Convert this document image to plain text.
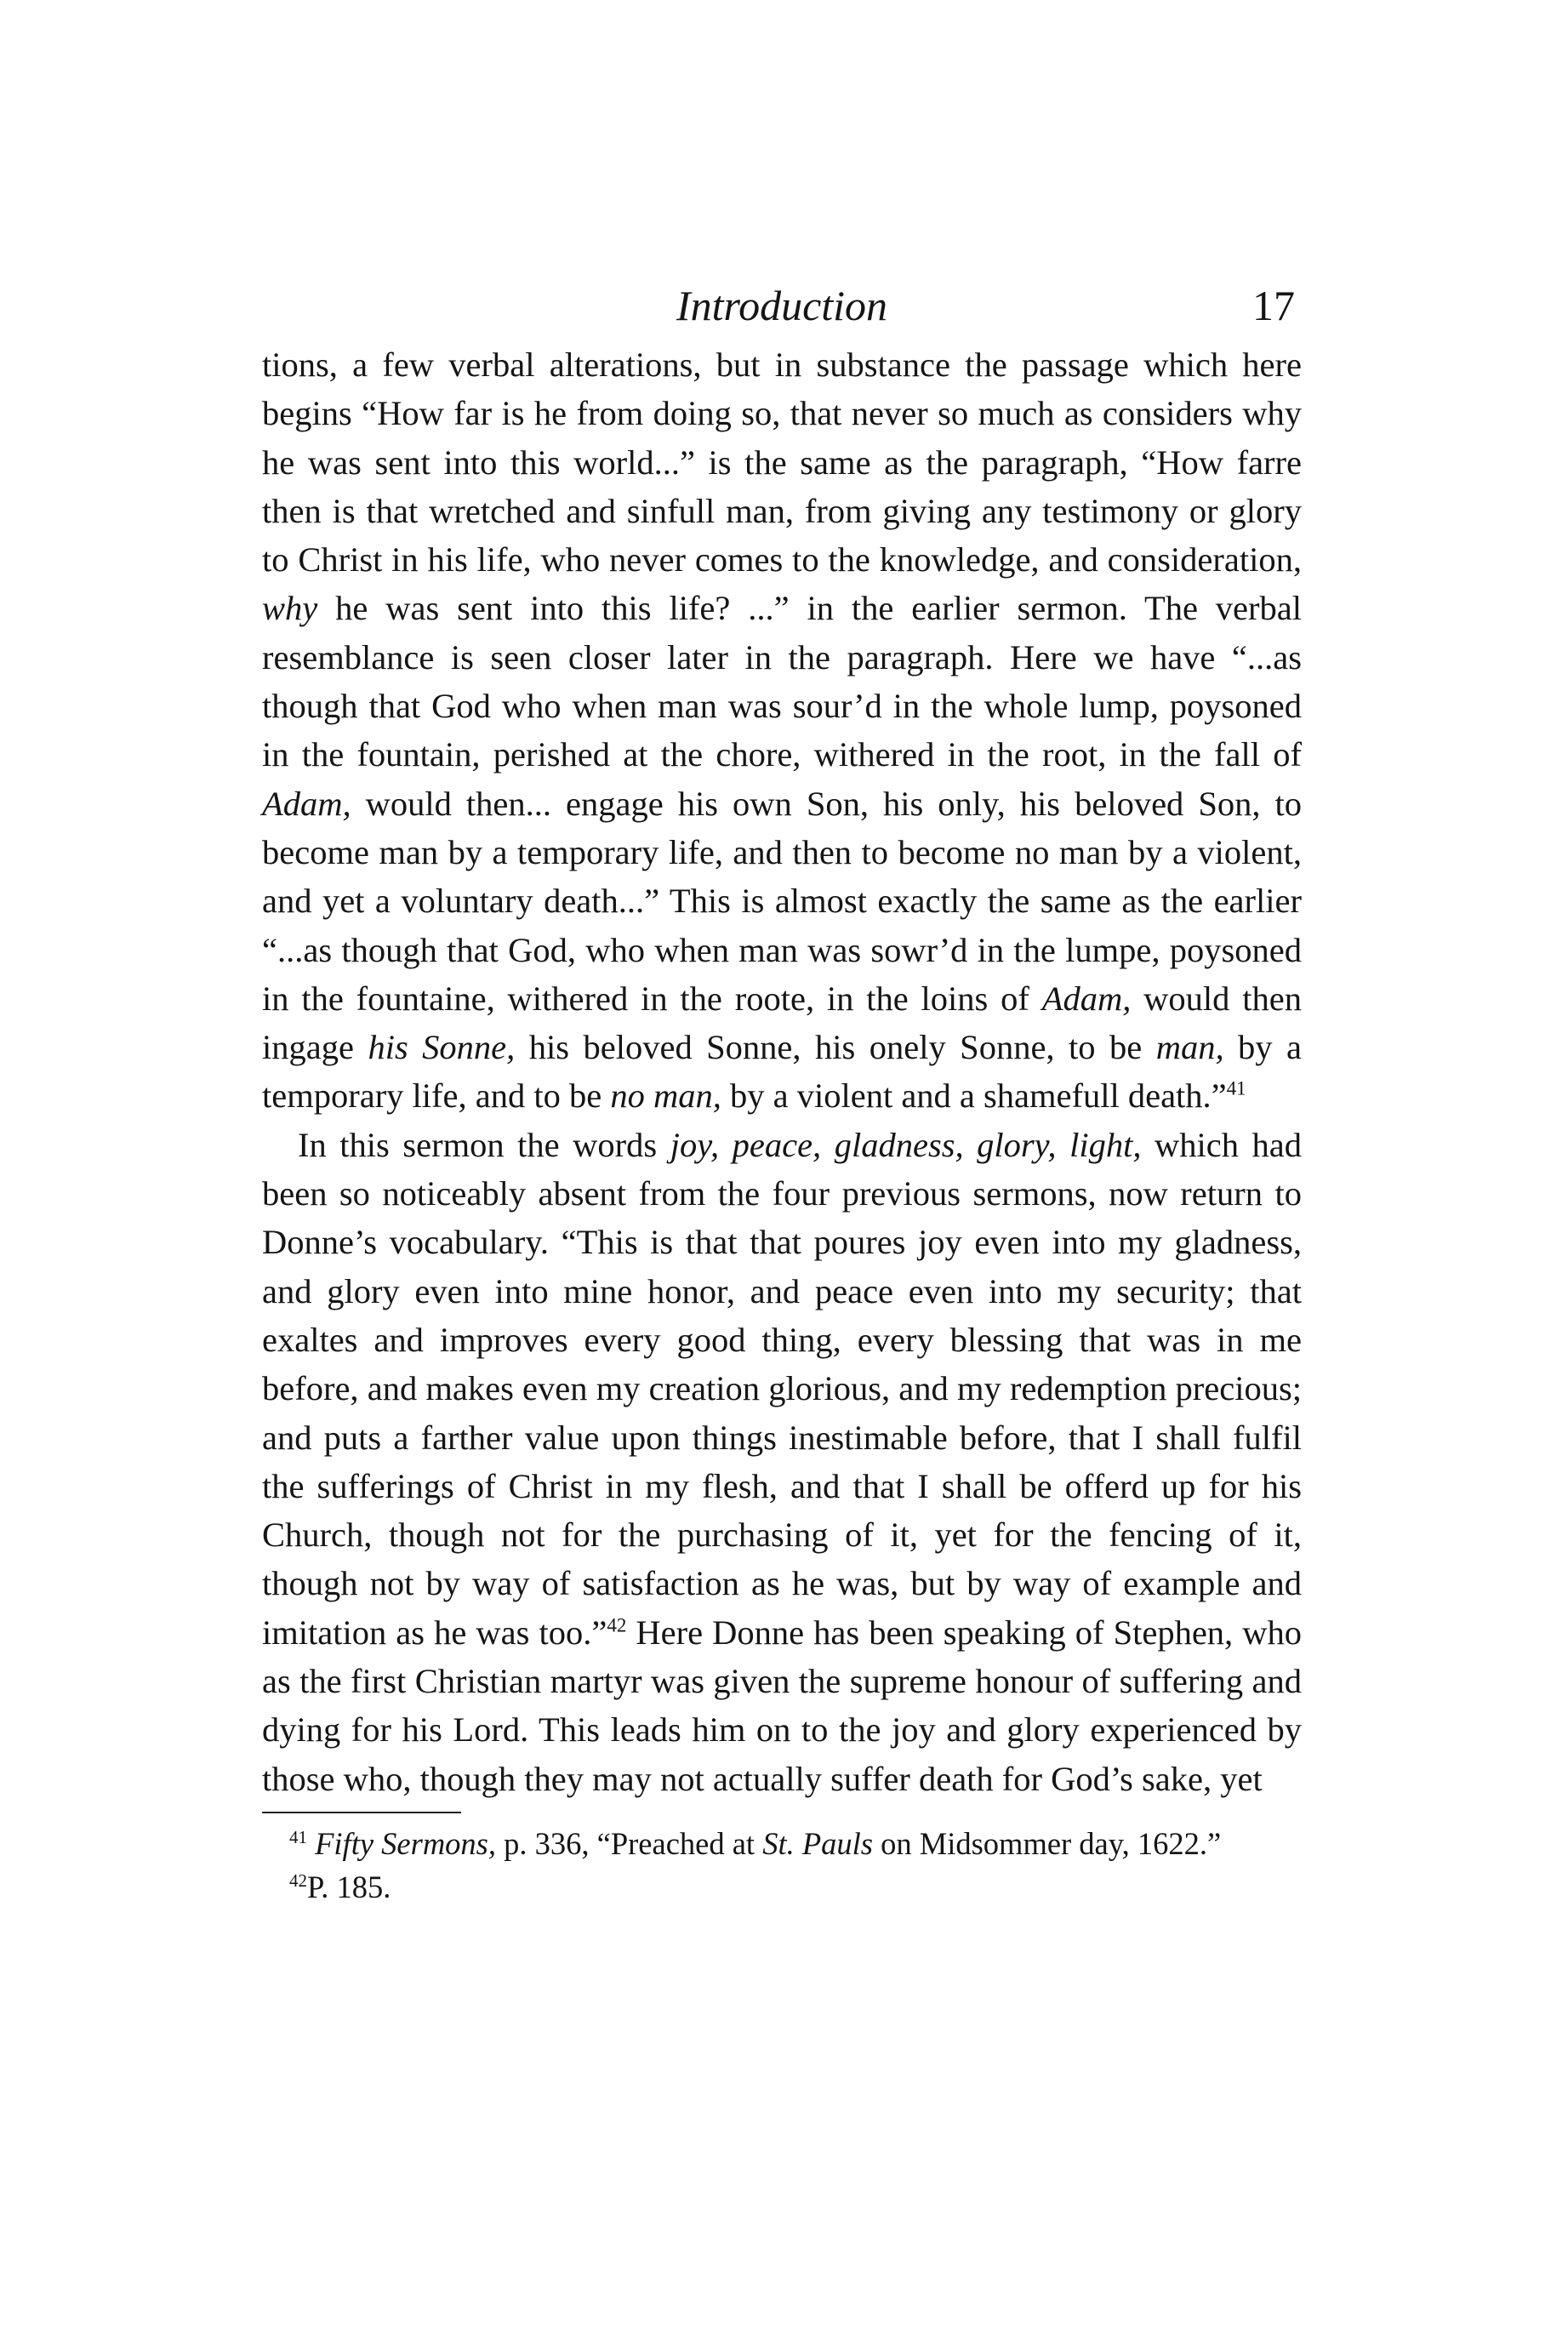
Introduction	17

tions, a few verbal alterations, but in substance the passage which here begins “How far is he from doing so, that never so much as considers why he was sent into this world...” is the same as the paragraph, “How farre then is that wretched and sinfull man, from giving any testimony or glory to Christ in his life, who never comes to the knowledge, and consideration, why he was sent into this life? ...” in the earlier sermon. The verbal resemblance is seen closer later in the paragraph. Here we have “...as though that God who when man was sour’d in the whole lump, poysoned in the fountain, perished at the chore, withered in the root, in the fall of Adam, would then... engage his own Son, his only, his beloved Son, to become man by a temporary life, and then to become no man by a violent, and yet a voluntary death...” This is almost exactly the same as the earlier “...as though that God, who when man was sowr’d in the lumpe, poysoned in the fountaine, withered in the roote, in the loins of Adam, would then ingage his Sonne, his beloved Sonne, his onely Sonne, to be man, by a temporary life, and to be no man, by a violent and a shamefull death.”$^{41}$

In this sermon the words joy, peace, gladness, glory, light, which had been so noticeably absent from the four previous sermons, now return to Donne’s vocabulary. “This is that that poures joy even into my gladness, and glory even into mine honor, and peace even into my security; that exaltes and improves every good thing, every blessing that was in me before, and makes even my creation glorious, and my redemption precious; and puts a farther value upon things inestimable before, that I shall fulfil the sufferings of Christ in my flesh, and that I shall be offerd up for his Church, though not for the purchasing of it, yet for the fencing of it, though not by way of satisfaction as he was, but by way of example and imitation as he was too.”$^{42}$ Here Donne has been speaking of Stephen, who as the first Christian martyr was given the supreme honour of suffering and dying for his Lord. This leads him on to the joy and glory experienced by those who, though they may not actually suffer death for God’s sake, yet

$^{41}$ Fifty Sermons, p. 336, “Preached at St. Pauls on Midsommer day, 1622.”

$^{42}$P. 185.
